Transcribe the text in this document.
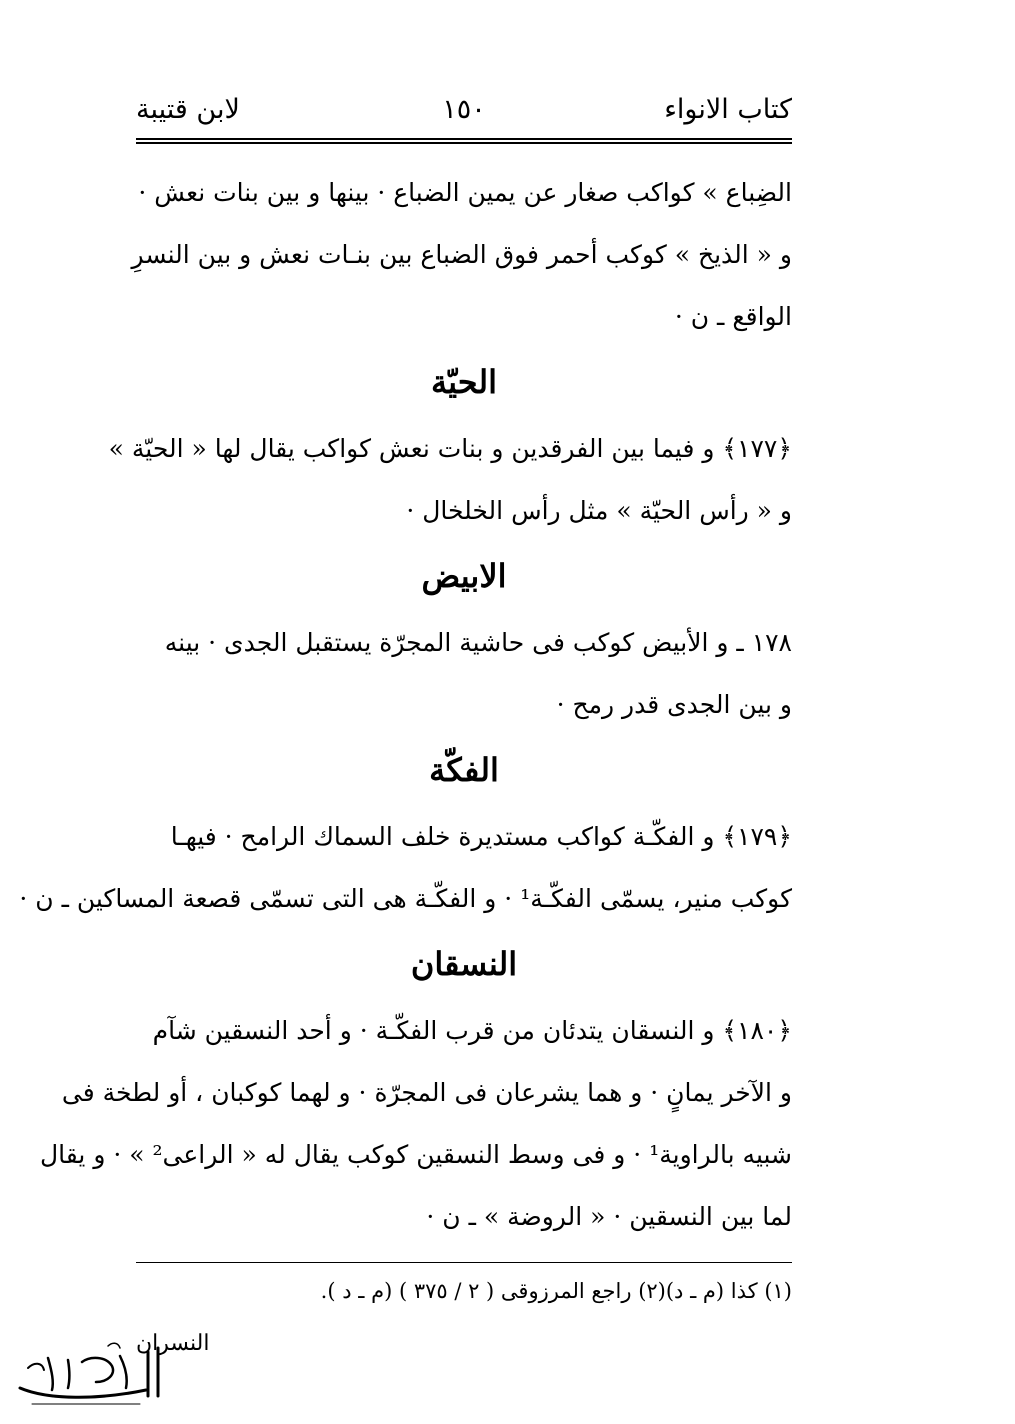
كتاب الانواء
١٥٠
لابن قتيبة

الضِباع » كواكب صغار عن يمين الضباع · بينها و بين بنات نعش ·
و « الذيخ » كوكب أحمر فوق الضباع بين بنـات نعش و بين النسرِ
الواقع ـ ن ·

الحيّة

﴿١٧٧﴾ و فيما بين الفرقدين و بنات نعش كواكب يقال لها « الحيّة »
و « رأس الحيّة » مثل رأس الخلخال ·

الابيض

١٧٨ ـ و الأبيض كوكب فى حاشية المجرّة يستقبل الجدى · بينه
و بين الجدى قدر رمح ·

الفكّة

﴿١٧٩﴾ و الفكّـة كواكب مستديرة خلف السماك الرامح · فيهـا
كوكب منير، يسمّى الفكّـة¹ · و الفكّـة هى التى تسمّى قصعة المساكين ـ ن ·

النسقان

﴿١٨٠﴾ و النسقان يتدئان من قرب الفكّـة · و أحد النسقين شآم
و الآخر يمانٍ · و هما يشرعان فى المجرّة · و لهما كوكبان ، أو لطخة فى
شبيه بالراوية¹ · و فى وسط النسقين كوكب يقال له « الراعى² » · و يقال
لما بين النسقين · « الروضة » ـ ن ·

(١) كذا (م ـ د)(٢) راجع المرزوقى ( ٢ / ٣٧٥ ) (م ـ د ).
النسران
